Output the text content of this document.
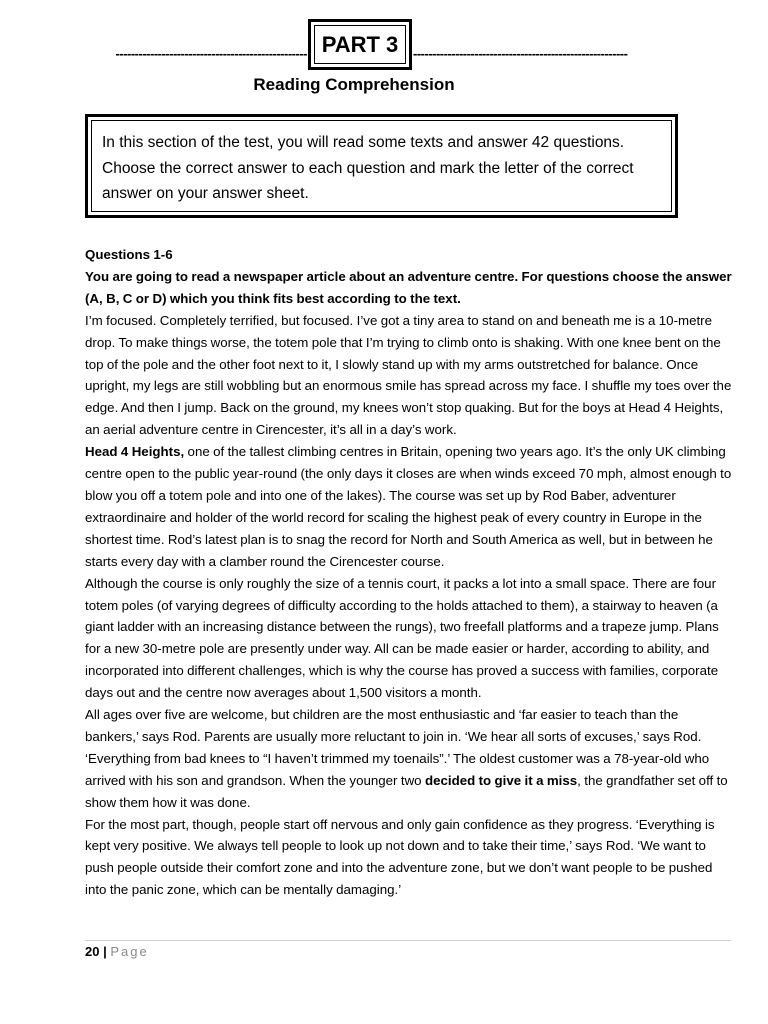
-------------------------------------------------- PART 3	--------------------------------------------------------
Reading Comprehension
In this section of the test, you will read some texts and answer 42 questions. Choose the correct answer to each question and mark the letter of the correct answer on your answer sheet.

Questions 1-6

You are going to read a newspaper article about an adventure centre. For questions choose the answer (A, B, C or D) which you think fits best according to the text.

I’m focused. Completely terrified, but focused. I’ve got a tiny area to stand on and beneath me is a 10-metre drop. To make things worse, the totem pole that I’m trying to climb onto is shaking. With one knee bent on the top of the pole and the other foot next to it, I slowly stand up with my arms outstretched for balance. Once upright, my legs are still wobbling but an enormous smile has spread across my face. I shuffle my toes over the edge. And then I jump. Back on the ground, my knees won’t stop quaking. But for the boys at Head 4 Heights, an aerial adventure centre in Cirencester, it’s all in a day’s work.

Head 4 Heights, one of the tallest climbing centres in Britain, opening two years ago. It’s the only UK climbing centre open to the public year-round (the only days it closes are when winds exceed 70 mph, almost enough to blow you off a totem pole and into one of the lakes). The course was set up by Rod Baber, adventurer extraordinaire and holder of the world record for scaling the highest peak of every country in Europe in the shortest time. Rod’s latest plan is to snag the record for North and South America as well, but in between he starts every day with a clamber round the Cirencester course.

Although the course is only roughly the size of a tennis court, it packs a lot into a small space. There are four totem poles (of varying degrees of difficulty according to the holds attached to them), a stairway to heaven (a giant ladder with an increasing distance between the rungs), two freefall platforms and a trapeze jump. Plans for a new 30-metre pole are presently under way. All can be made easier or harder, according to ability, and incorporated into different challenges, which is why the course has proved a success with families, corporate days out and the centre now averages about 1,500 visitors a month.

All ages over five are welcome, but children are the most enthusiastic and ‘far easier to teach than the bankers,’ says Rod. Parents are usually more reluctant to join in. ‘We hear all sorts of excuses,’ says Rod. ‘Everything from bad knees to “I haven’t trimmed my toenails”.’ The oldest customer was a 78-year-old who arrived with his son and grandson. When the younger two decided to give it a miss, the grandfather set off to show them how it was done.

For the most part, though, people start off nervous and only gain confidence as they progress. ‘Everything is kept very positive. We always tell people to look up not down and to take their time,’ says Rod. ‘We want to push people outside their comfort zone and into the adventure zone, but we don’t want people to be pushed into the panic zone, which can be mentally damaging.’

20 | Page
